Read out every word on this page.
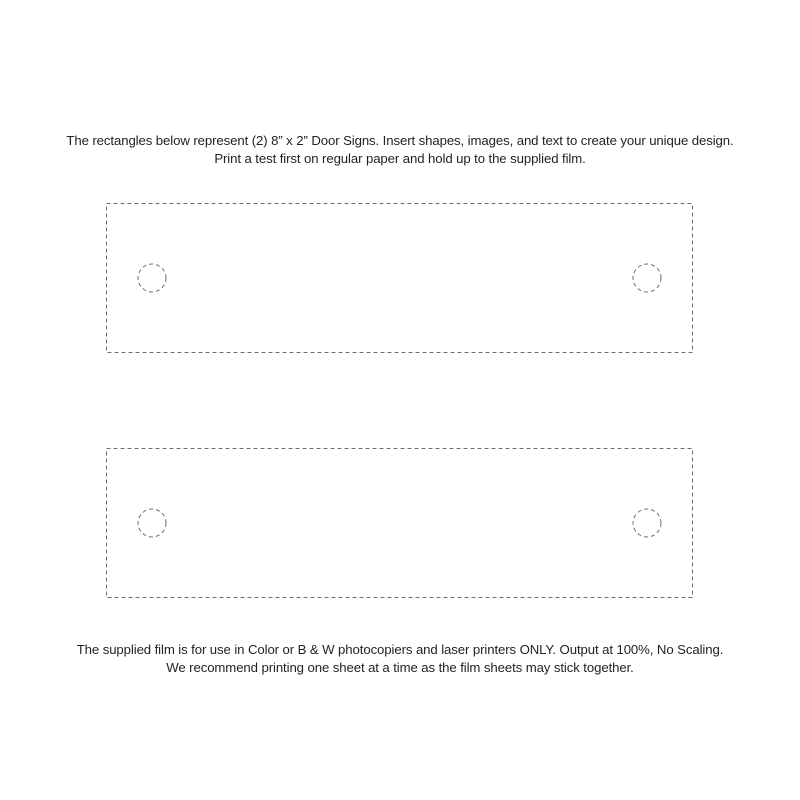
The rectangles below represent (2) 8” x 2” Door Signs. Insert shapes, images, and text to create your unique design.
Print a test first on regular paper and hold up to the supplied film.
The supplied film is for use in Color or B & W photocopiers and laser printers ONLY. Output at 100%, No Scaling.
We recommend printing one sheet at a time as the film sheets may stick together.
